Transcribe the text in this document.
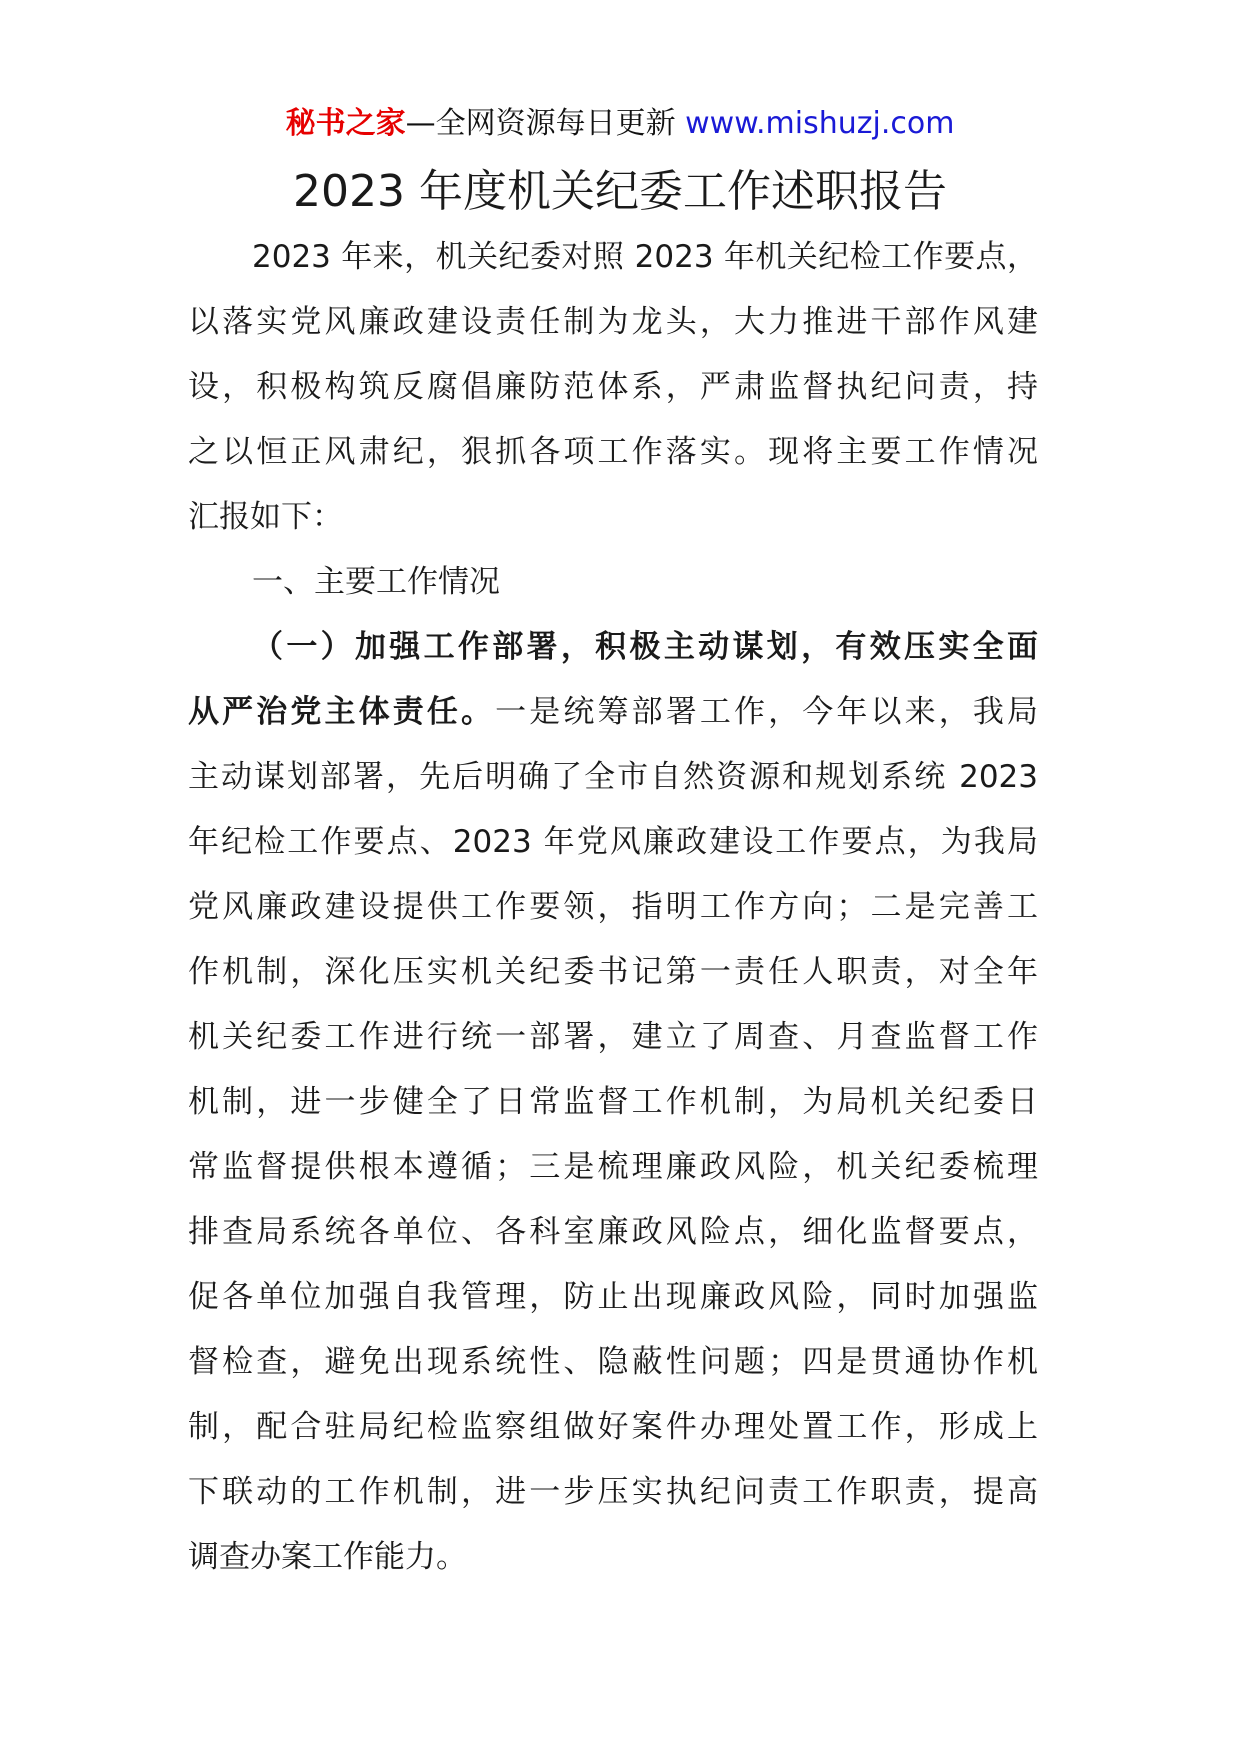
秘书之家—全网资源每日更新 www.mishuzj.com
2023 年度机关纪委工作述职报告
2023 年来，机关纪委对照 2023 年机关纪检工作要点，
以落实党风廉政建设责任制为龙头，大力推进干部作风建
设，积极构筑反腐倡廉防范体系，严肃监督执纪问责，持
之以恒正风肃纪，狠抓各项工作落实。现将主要工作情况
汇报如下：
一、主要工作情况
（一）加强工作部署，积极主动谋划，有效压实全面
从严治党主体责任。一是统筹部署工作，今年以来，我局
主动谋划部署，先后明确了全市自然资源和规划系统 2023
年纪检工作要点、2023 年党风廉政建设工作要点，为我局
党风廉政建设提供工作要领，指明工作方向；二是完善工
作机制，深化压实机关纪委书记第一责任人职责，对全年
机关纪委工作进行统一部署，建立了周查、月查监督工作
机制，进一步健全了日常监督工作机制，为局机关纪委日
常监督提供根本遵循；三是梳理廉政风险，机关纪委梳理
排查局系统各单位、各科室廉政风险点，细化监督要点，
促各单位加强自我管理，防止出现廉政风险，同时加强监
督检查，避免出现系统性、隐蔽性问题；四是贯通协作机
制，配合驻局纪检监察组做好案件办理处置工作，形成上
下联动的工作机制，进一步压实执纪问责工作职责，提高
调查办案工作能力。
